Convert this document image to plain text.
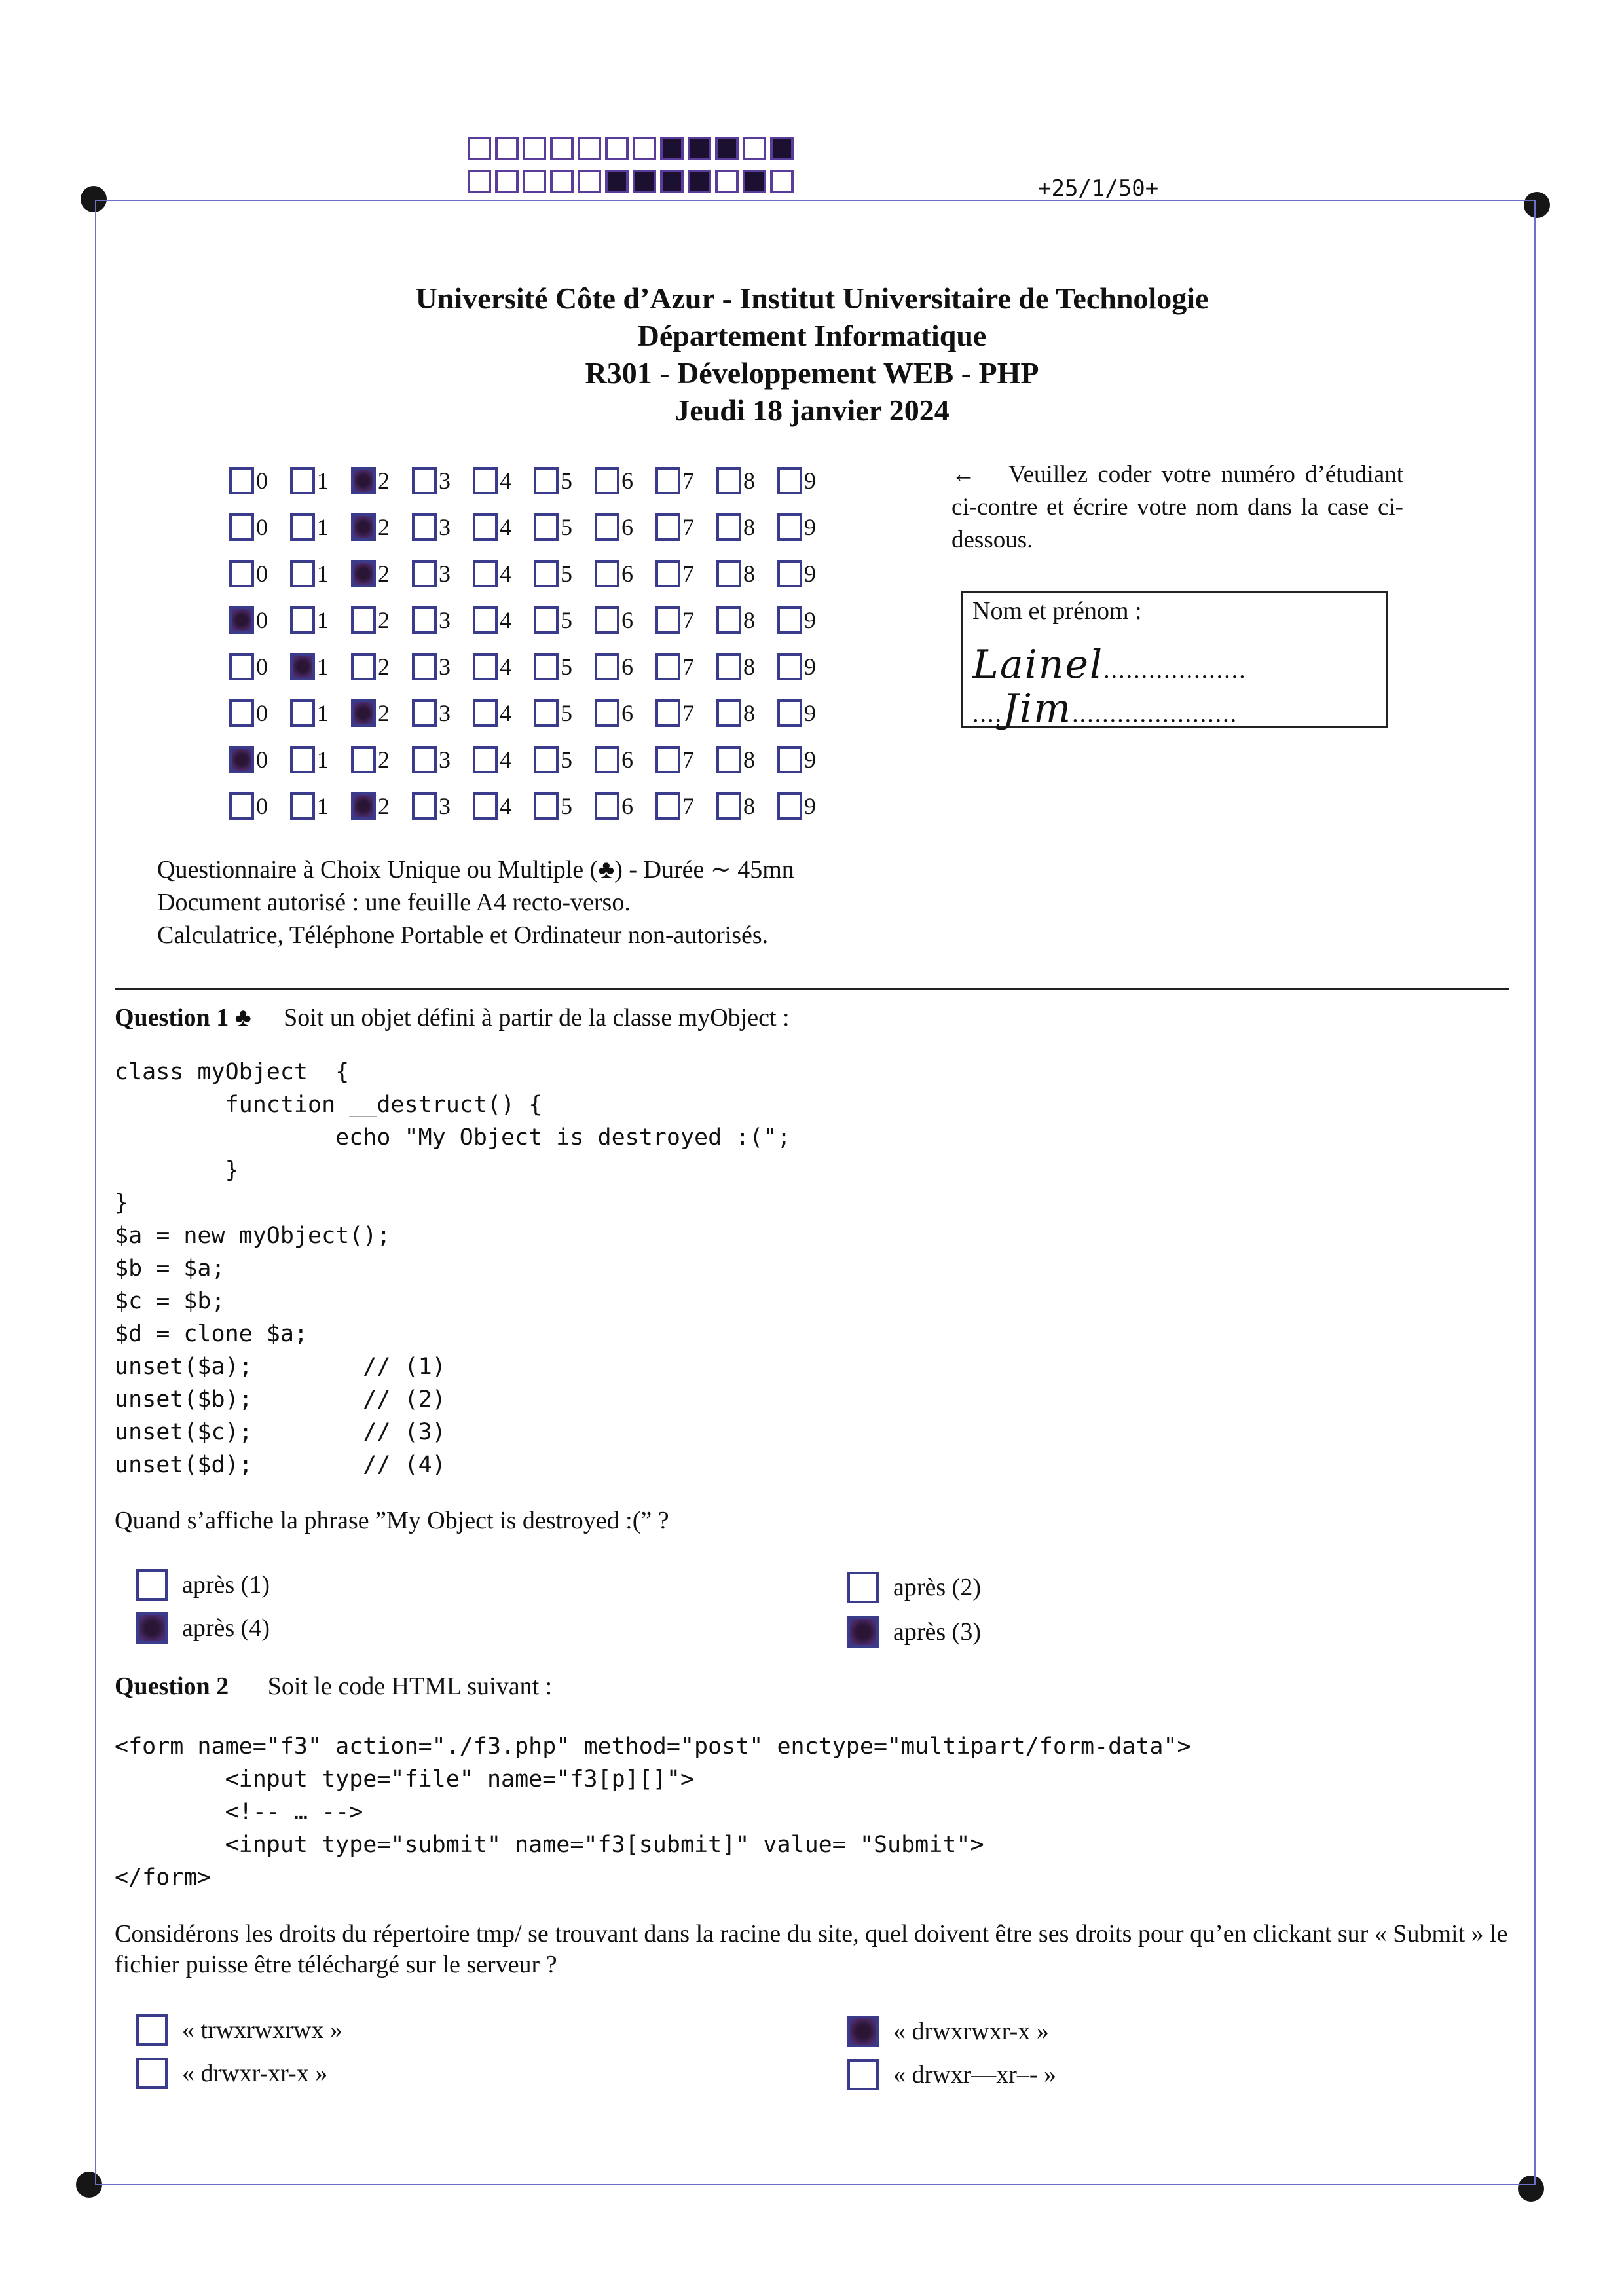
+25/1/50+
Université Côte d’Azur - Institut Universitaire de Technologie
Département Informatique
R301 - Développement WEB - PHP
Jeudi 18 janvier 2024
0 1 2 3 4 5 6 7 8 9
0 1 2 3 4 5 6 7 8 9
0 1 2 3 4 5 6 7 8 9
0 1 2 3 4 5 6 7 8 9
0 1 2 3 4 5 6 7 8 9
0 1 2 3 4 5 6 7 8 9
0 1 2 3 4 5 6 7 8 9
0 1 2 3 4 5 6 7 8 9
← Veuillez coder votre numéro d’étudiant ci-contre et écrire votre nom dans la case ci-dessous.
Nom et prénom :
Lainel...................
....Jim......................
Questionnaire à Choix Unique ou Multiple (♣) - Durée ∼ 45mn
Document autorisé : une feuille A4 recto-verso.
Calculatrice, Téléphone Portable et Ordinateur non-autorisés.
Question 1 ♣ Soit un objet défini à partir de la classe myObject :
class myObject  {
function __destruct() {
echo "My Object is destroyed :(";
}
}
$a = new myObject();
$b = $a;
$c = $b;
$d = clone $a;
unset($a);        // (1)
unset($b);        // (2)
unset($c);        // (3)
unset($d);        // (4)
Quand s’affiche la phrase ”My Object is destroyed :(” ?
après (1)
après (4)
après (2)
après (3)
Question 2 Soit le code HTML suivant :
<form name="f3" action="./f3.php" method="post" enctype="multipart/form-data">
<input type="file" name="f3[p][]">
<!-- … -->
<input type="submit" name="f3[submit]" value= "Submit">
</form>
Considérons les droits du répertoire tmp/ se trouvant dans la racine du site, quel doivent être ses droits pour qu’en clickant sur « Submit » le fichier puisse être téléchargé sur le serveur ?
« trwxrwxrwx »
« drwxr-xr-x »
« drwxrwxr-x »
« drwxr—xr–- »
